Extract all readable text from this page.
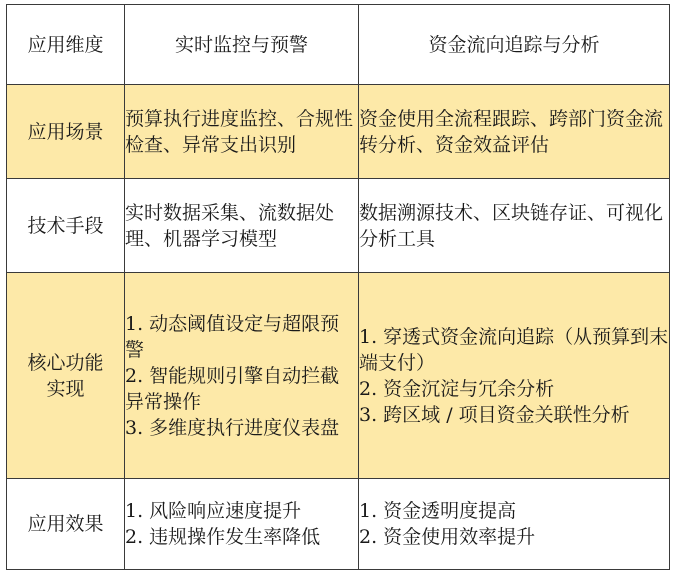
应用维度	实时监控与预警	资金流向追踪与分析

应用场景	预算执行进度监控、合规性检查、异常支出识别	资金使用全流程跟踪、跨部门资金流转分析、资金效益评估

技术手段	实时数据采集、流数据处理、机器学习模型	数据溯源技术、区块链存证、可视化分析工具

核心功能实现	1. 动态阈值设定与超限预警
2. 智能规则引擎自动拦截异常操作
3. 多维度执行进度仪表盘	1. 穿透式资金流向追踪（从预算到末端支付）
2. 资金沉淀与冗余分析
3. 跨区域 / 项目资金关联性分析

应用效果	1. 风险响应速度提升
2. 违规操作发生率降低	1. 资金透明度提高
2. 资金使用效率提升
